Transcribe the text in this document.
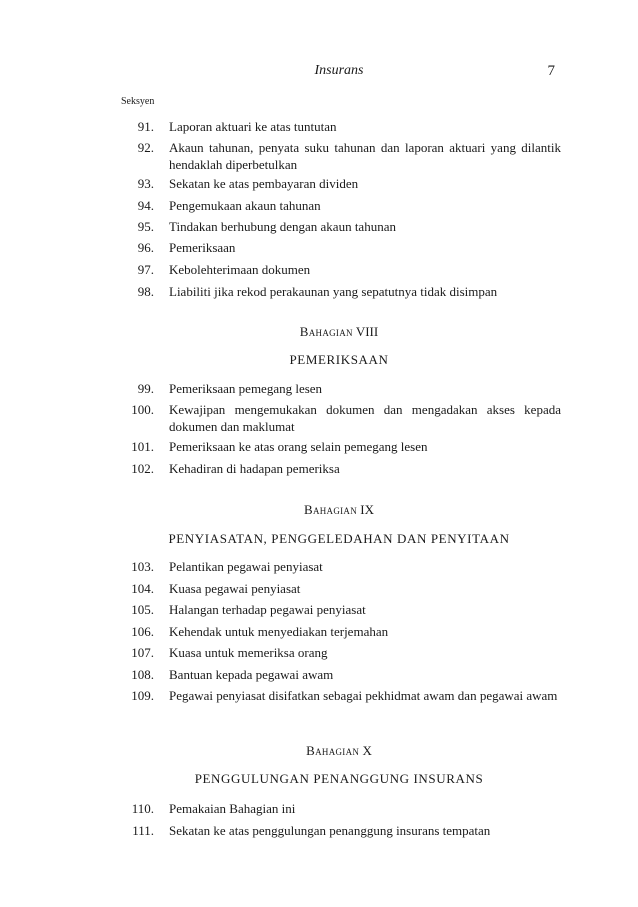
Insurans	7
Seksyen
91. Laporan aktuari ke atas tuntutan
92. Akaun tahunan, penyata suku tahunan dan laporan aktuari yang dilantik hendaklah diperbetulkan
93. Sekatan ke atas pembayaran dividen
94. Pengemukaan akaun tahunan
95. Tindakan berhubung dengan akaun tahunan
96. Pemeriksaan
97. Kebolehterimaan dokumen
98. Liabiliti jika rekod perakaunan yang sepatutnya tidak disimpan
Bahagian VIII
PEMERIKSAAN
99. Pemeriksaan pemegang lesen
100. Kewajipan mengemukakan dokumen dan mengadakan akses kepada dokumen dan maklumat
101. Pemeriksaan ke atas orang selain pemegang lesen
102. Kehadiran di hadapan pemeriksa
Bahagian IX
PENYIASATAN, PENGGELEDAHAN DAN PENYITAAN
103. Pelantikan pegawai penyiasat
104. Kuasa pegawai penyiasat
105. Halangan terhadap pegawai penyiasat
106. Kehendak untuk menyediakan terjemahan
107. Kuasa untuk memeriksa orang
108. Bantuan kepada pegawai awam
109. Pegawai penyiasat disifatkan sebagai pekhidmat awam dan pegawai awam
Bahagian X
PENGGULUNGAN PENANGGUNG INSURANS
110. Pemakaian Bahagian ini
111. Sekatan ke atas penggulungan penanggung insurans tempatan
